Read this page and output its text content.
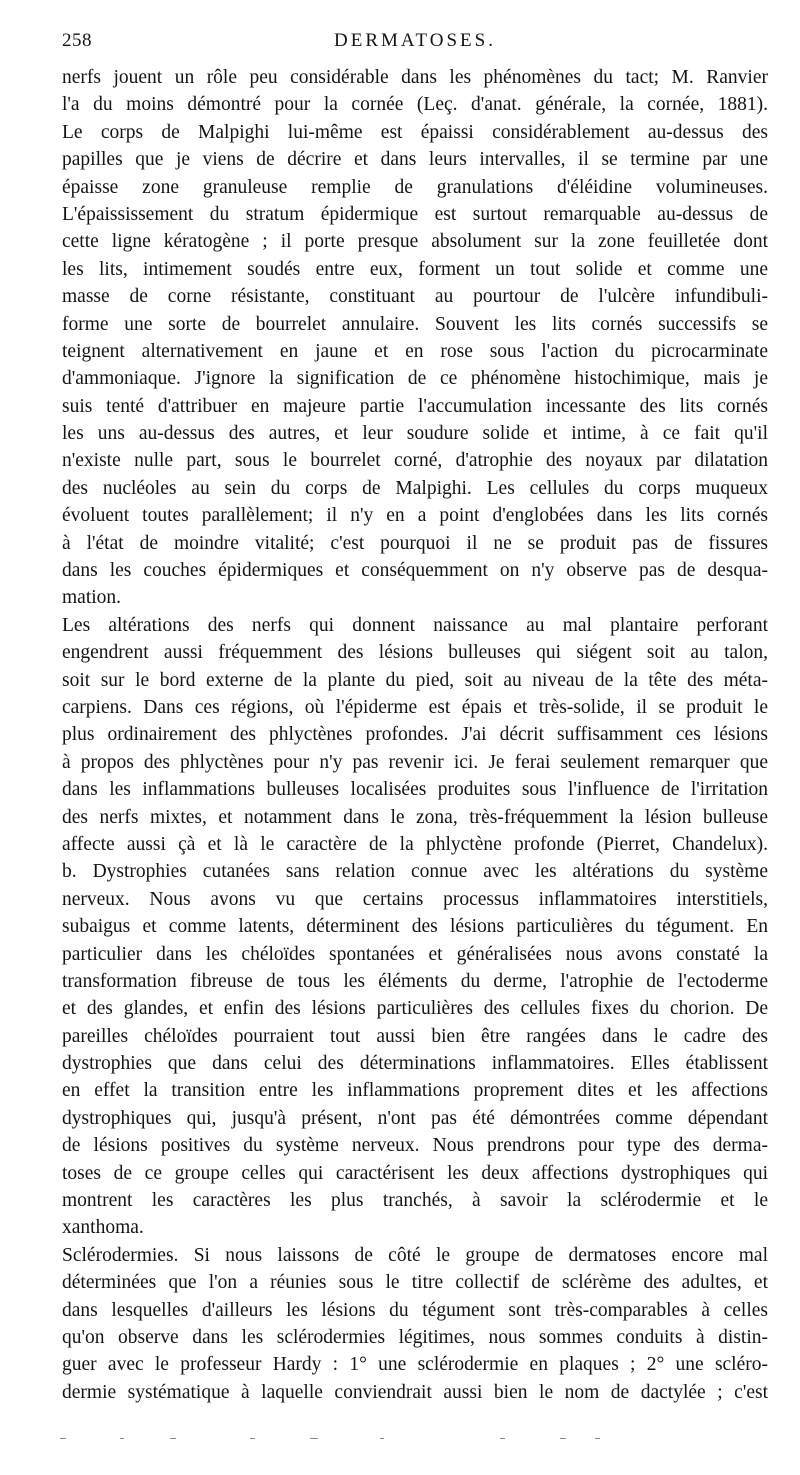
258	DERMATOSES.
nerfs jouent un rôle peu considérable dans les phénomènes du tact; M. Ranvier
l'a du moins démontré pour la cornée (Leç. d'anat. générale, la cornée, 1881).
Le corps de Malpighi lui-même est épaissi considérablement au-dessus des
papilles que je viens de décrire et dans leurs intervalles, il se termine par une
épaisse zone granuleuse remplie de granulations d'éléidine volumineuses.
L'épaississement du stratum épidermique est surtout remarquable au-dessus de
cette ligne kératogène ; il porte presque absolument sur la zone feuilletée dont
les lits, intimement soudés entre eux, forment un tout solide et comme une
masse de corne résistante, constituant au pourtour de l'ulcère infundibuli-
forme une sorte de bourrelet annulaire. Souvent les lits cornés successifs se
teignent alternativement en jaune et en rose sous l'action du picrocarminate
d'ammoniaque. J'ignore la signification de ce phénomène histochimique, mais je
suis tenté d'attribuer en majeure partie l'accumulation incessante des lits cornés
les uns au-dessus des autres, et leur soudure solide et intime, à ce fait qu'il
n'existe nulle part, sous le bourrelet corné, d'atrophie des noyaux par dilatation
des nucléoles au sein du corps de Malpighi. Les cellules du corps muqueux
évoluent toutes parallèlement; il n'y en a point d'englobées dans les lits cornés
à l'état de moindre vitalité; c'est pourquoi il ne se produit pas de fissures
dans les couches épidermiques et conséquemment on n'y observe pas de desqua-
mation.
Les altérations des nerfs qui donnent naissance au mal plantaire perforant
engendrent aussi fréquemment des lésions bulleuses qui siégent soit au talon,
soit sur le bord externe de la plante du pied, soit au niveau de la tête des méta-
carpiens. Dans ces régions, où l'épiderme est épais et très-solide, il se produit le
plus ordinairement des phlyctènes profondes. J'ai décrit suffisamment ces lésions
à propos des phlyctènes pour n'y pas revenir ici. Je ferai seulement remarquer que
dans les inflammations bulleuses localisées produites sous l'influence de l'irritation
des nerfs mixtes, et notamment dans le zona, très-fréquemment la lésion bulleuse
affecte aussi çà et là le caractère de la phlyctène profonde (Pierret, Chandelux).
b. Dystrophies cutanées sans relation connue avec les altérations du système
nerveux. Nous avons vu que certains processus inflammatoires interstitiels,
subaigus et comme latents, déterminent des lésions particulières du tégument. En
particulier dans les chéloïdes spontanées et généralisées nous avons constaté la
transformation fibreuse de tous les éléments du derme, l'atrophie de l'ectoderme
et des glandes, et enfin des lésions particulières des cellules fixes du chorion. De
pareilles chéloïdes pourraient tout aussi bien être rangées dans le cadre des
dystrophies que dans celui des déterminations inflammatoires. Elles établissent
en effet la transition entre les inflammations proprement dites et les affections
dystrophiques qui, jusqu'à présent, n'ont pas été démontrées comme dépendant
de lésions positives du système nerveux. Nous prendrons pour type des derma-
toses de ce groupe celles qui caractérisent les deux affections dystrophiques qui
montrent les caractères les plus tranchés, à savoir la sclérodermie et le
xanthoma.
Sclérodermies. Si nous laissons de côté le groupe de dermatoses encore mal
déterminées que l'on a réunies sous le titre collectif de sclérème des adultes, et
dans lesquelles d'ailleurs les lésions du tégument sont très-comparables à celles
qu'on observe dans les sclérodermies légitimes, nous sommes conduits à distin-
guer avec le professeur Hardy : 1° une sclérodermie en plaques ; 2° une scléro-
dermie systématique à laquelle conviendrait aussi bien le nom de dactylée ; c'est
